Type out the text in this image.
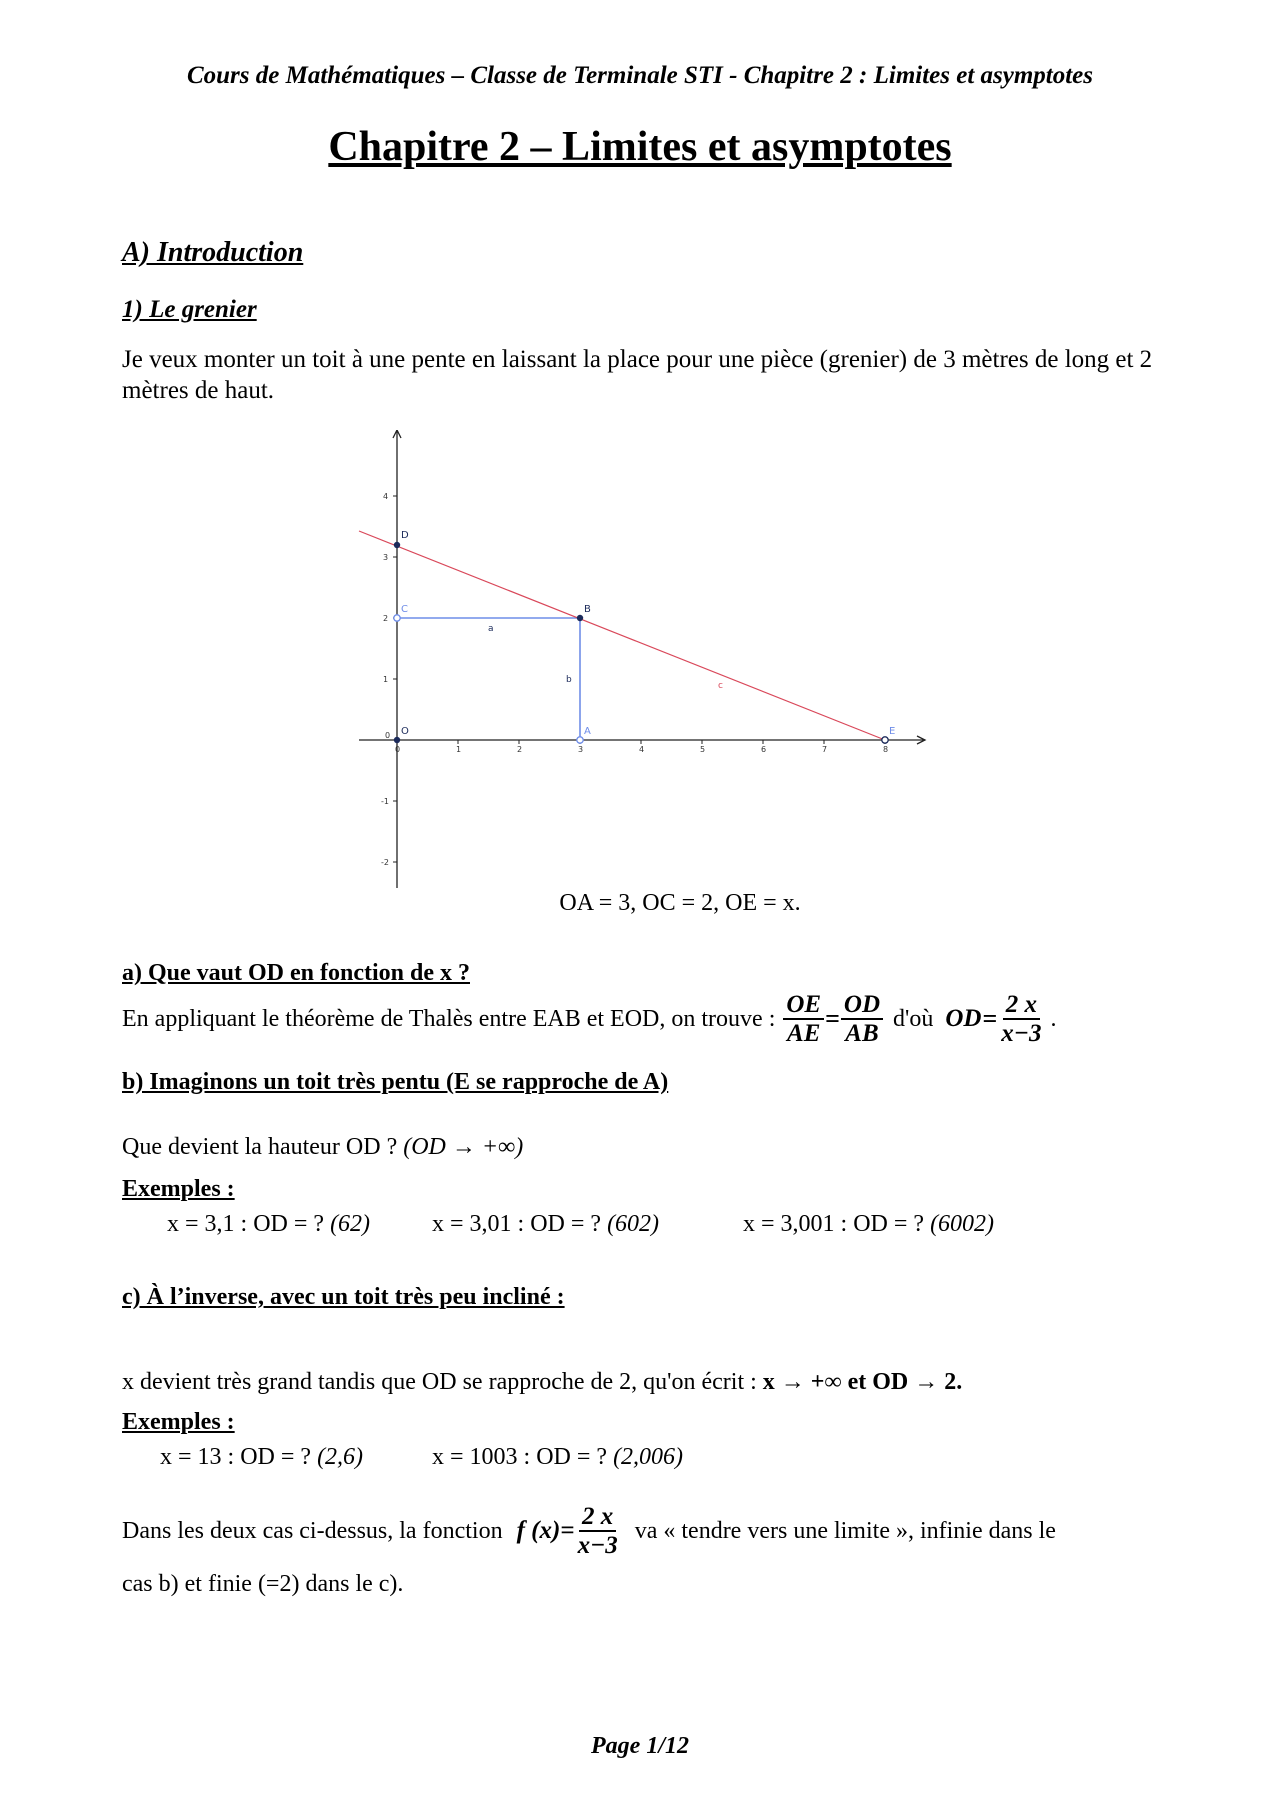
Cours de Mathématiques – Classe de Terminale STI - Chapitre 2 : Limites et asymptotes
Chapitre 2 – Limites et asymptotes
A) Introduction
1) Le grenier
Je veux monter un toit à une pente en laissant la place pour une pièce (grenier) de 3 mètres de long et 2 mètres de haut.
4
3
2
1
0
-1
-2
0	1	2	3	4	5	6	7	8
D
C	B
O	A	E
a
b
c
OA = 3, OC = 2, OE = x.
a) Que vaut OD en fonction de x ?
En appliquant le théorème de Thalès entre EAB et EOD, on trouve : $\frac{OE}{AE} = \frac{OD}{AB}$ d'où OD = $\frac{2 x}{x-3}$ .
b) Imaginons un toit très pentu (E se rapproche de A)
Que devient la hauteur OD ? (OD → +∞)
Exemples :
x = 3,1 : OD = ? (62)	x = 3,01 : OD = ? (602)	x = 3,001 : OD = ? (6002)
c) À l’inverse, avec un toit très peu incliné :
x devient très grand tandis que OD se rapproche de 2, qu'on écrit : x → +∞ et OD → 2.
Exemples :
x = 13 : OD = ? (2,6)	x = 1003 : OD = ? (2,006)
Dans les deux cas ci-dessus, la fonction f $(x)= \frac{2 x}{x-3}$ va « tendre vers une limite », infinie dans le
cas b) et finie (=2) dans le c).
Page 1/12
